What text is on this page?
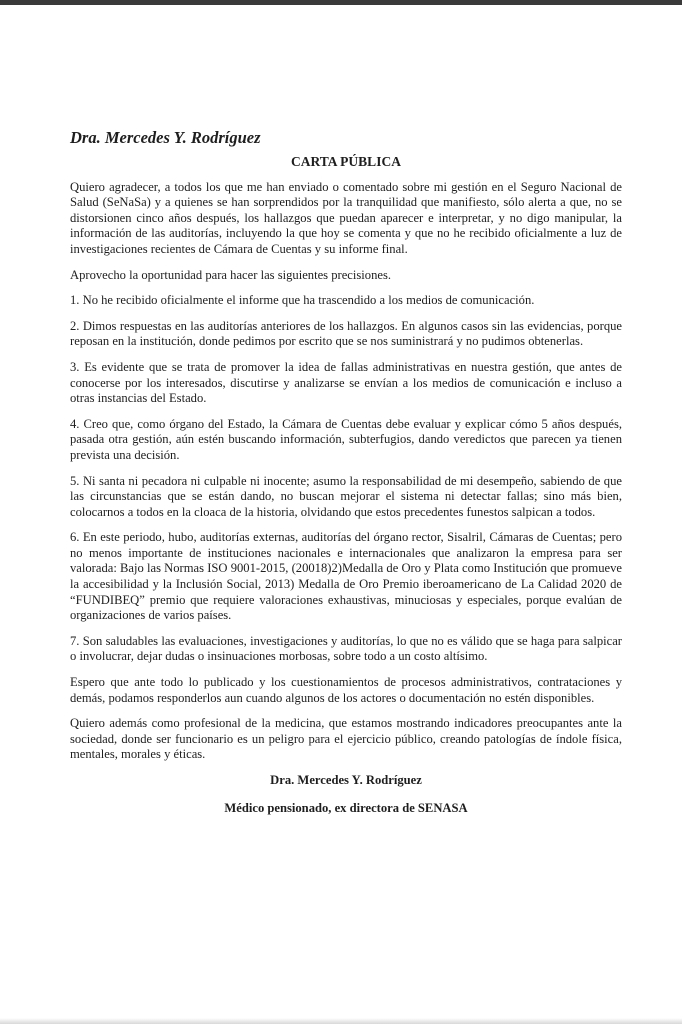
Dra. Mercedes Y. Rodríguez
CARTA PÚBLICA

Quiero agradecer, a todos los que me han enviado o comentado sobre mi gestión en el Seguro Nacional de Salud (SeNaSa) y a quienes se han sorprendidos por la tranquilidad que manifiesto, sólo alerta a que, no se distorsionen cinco años después, los hallazgos que puedan aparecer e interpretar, y no digo manipular, la información de las auditorías, incluyendo la que hoy se comenta y que no he recibido oficialmente a luz de investigaciones recientes de Cámara de Cuentas y su informe final.

Aprovecho la oportunidad para hacer las siguientes precisiones.

1. No he recibido oficialmente el informe que ha trascendido a los medios de comunicación.

2. Dimos respuestas en las auditorías anteriores de los hallazgos. En algunos casos sin las evidencias, porque reposan en la institución, donde pedimos por escrito que se nos suministrará y no pudimos obtenerlas.

3. Es evidente que se trata de promover la idea de fallas administrativas en nuestra gestión, que antes de conocerse por los interesados, discutirse y analizarse se envían a los medios de comunicación e incluso a otras instancias del Estado.

4. Creo que, como órgano del Estado, la Cámara de Cuentas debe evaluar y explicar cómo 5 años después, pasada otra gestión, aún estén buscando información, subterfugios, dando veredictos que parecen ya tienen prevista una decisión.

5. Ni santa ni pecadora ni culpable ni inocente; asumo la responsabilidad de mi desempeño, sabiendo de que las circunstancias que se están dando, no buscan mejorar el sistema ni detectar fallas; sino más bien, colocarnos a todos en la cloaca de la historia, olvidando que estos precedentes funestos salpican a todos.

6. En este periodo, hubo, auditorías externas, auditorías del órgano rector, Sisalril, Cámaras de Cuentas; pero no menos importante de instituciones nacionales e internacionales que analizaron la empresa para ser valorada: Bajo las Normas ISO 9001-2015, (20018)2)Medalla de Oro y Plata como Institución que promueve la accesibilidad y la Inclusión Social, 2013) Medalla de Oro Premio iberoamericano de La Calidad 2020 de “FUNDIBEQ” premio que requiere valoraciones exhaustivas, minuciosas y especiales, porque evalúan de organizaciones de varios países.

7. Son saludables las evaluaciones, investigaciones y auditorías, lo que no es válido que se haga para salpicar o involucrar, dejar dudas o insinuaciones morbosas, sobre todo a un costo altísimo.

Espero que ante todo lo publicado y los cuestionamientos de procesos administrativos, contrataciones y demás, podamos responderlos aun cuando algunos de los actores o documentación no estén disponibles.

Quiero además como profesional de la medicina, que estamos mostrando indicadores preocupantes ante la sociedad, donde ser funcionario es un peligro para el ejercicio público, creando patologías de índole física, mentales, morales y éticas.

Dra. Mercedes Y. Rodríguez
Médico pensionado, ex directora de SENASA
